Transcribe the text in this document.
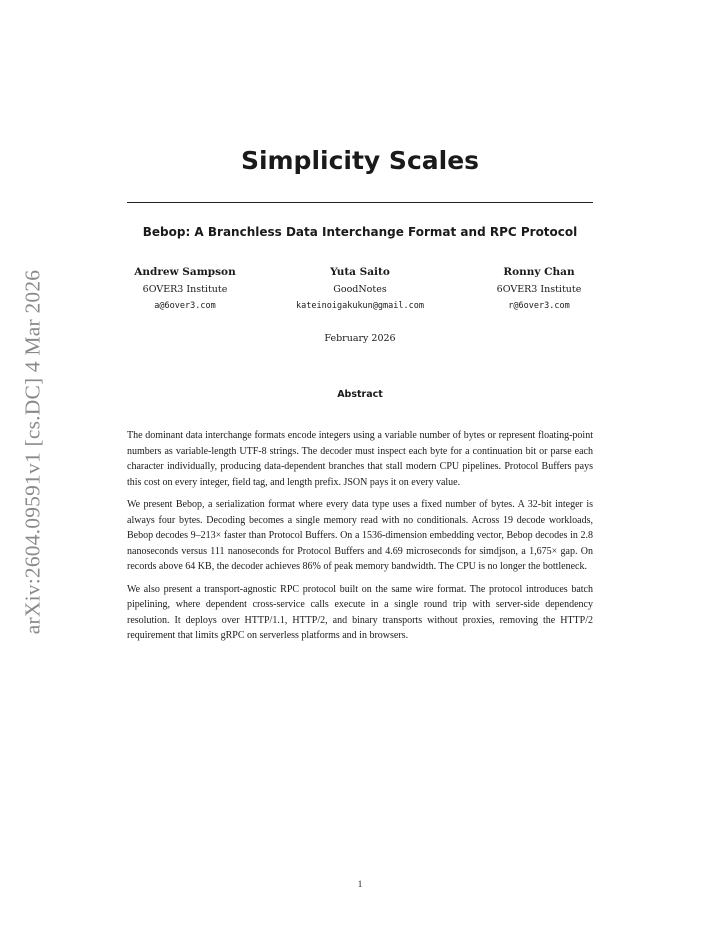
arXiv:2604.09591v1 [cs.DC] 4 Mar 2026
Simplicity Scales
Bebop: A Branchless Data Interchange Format and RPC Protocol
Andrew Sampson
6OVER3 Institute
a@6over3.com
Yuta Saito
GoodNotes
kateinoigakukun@gmail.com
Ronny Chan
6OVER3 Institute
r@6over3.com
February 2026
Abstract

The dominant data interchange formats encode integers using a variable number of bytes or represent floating-point numbers as variable-length UTF-8 strings. The decoder must inspect each byte for a continuation bit or parse each character individually, producing data-dependent branches that stall modern CPU pipelines. Protocol Buffers pays this cost on every integer, field tag, and length prefix. JSON pays it on every value.

We present Bebop, a serialization format where every data type uses a fixed number of bytes. A 32-bit integer is always four bytes. Decoding becomes a single memory read with no conditionals. Across 19 decode workloads, Bebop decodes 9–213× faster than Protocol Buffers. On a 1536-dimension embedding vector, Bebop decodes in 2.8 nanoseconds versus 111 nanoseconds for Protocol Buffers and 4.69 microseconds for simdjson, a 1,675× gap. On records above 64 KB, the decoder achieves 86% of peak memory bandwidth. The CPU is no longer the bottleneck.

We also present a transport-agnostic RPC protocol built on the same wire format. The protocol introduces batch pipelining, where dependent cross-service calls execute in a single round trip with server-side dependency resolution. It deploys over HTTP/1.1, HTTP/2, and binary transports without proxies, removing the HTTP/2 requirement that limits gRPC on serverless platforms and in browsers.

1
